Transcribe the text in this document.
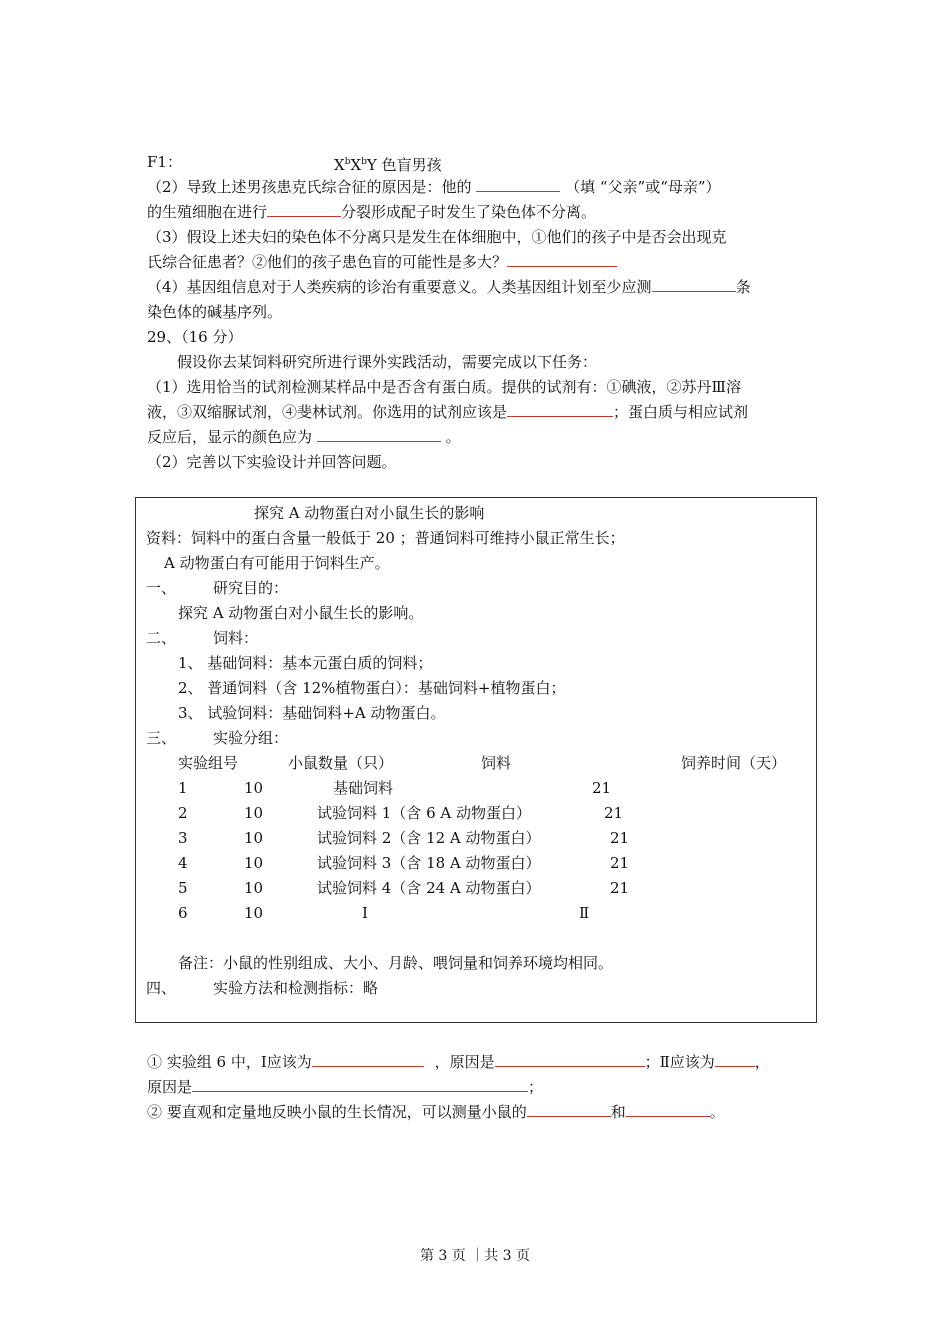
F1：	$X^bX^bY$ 色盲男孩
（2）导致上述男孩患克氏综合征的原因是：他的	（填 “父亲”或“母亲”）
的生殖细胞在进行	分裂形成配子时发生了染色体不分离。
（3）假设上述夫妇的染色体不分离只是发生在体细胞中，①他们的孩子中是否会出现克
氏综合征患者？②他们的孩子患色盲的可能性是多大？
（4）基因组信息对于人类疾病的诊治有重要意义。人类基因组计划至少应测	条
染色体的碱基序列。
29、（16 分）
假设你去某饲料研究所进行课外实践活动，需要完成以下任务：
（1）选用恰当的试剂检测某样品中是否含有蛋白质。提供的试剂有：①碘液，②苏丹Ⅲ溶
液，③双缩脲试剂，④斐林试剂。你选用的试剂应该是	；蛋白质与相应试剂
反应后，显示的颜色应为	。
（2）完善以下实验设计并回答问题。
探究 A 动物蛋白对小鼠生长的影响
资料：饲料中的蛋白含量一般低于 20 ；普通饲料可维持小鼠正常生长；
A 动物蛋白有可能用于饲料生产。
一、 研究目的：
探究 A 动物蛋白对小鼠生长的影响。
二、 饲料：
1、 基础饲料：基本元蛋白质的饲料；
2、 普通饲料（含 12%植物蛋白）：基础饲料+植物蛋白；
3、 试验饲料：基础饲料+A 动物蛋白。
三、 实验分组：
实验组号	小鼠数量（只）	饲料	饲养时间（天）
1	10	基础饲料	21
2	10	试验饲料 1（含 6 A 动物蛋白）	21
3	10	试验饲料 2（含 12 A 动物蛋白）	21
4	10	试验饲料 3（含 18 A 动物蛋白）	21
5	10	试验饲料 4（含 24 A 动物蛋白）	21
6	10	Ⅰ	Ⅱ
备注：小鼠的性别组成、大小、月龄、喂饲量和饲养环境均相同。
四、 实验方法和检测指标：略
① 实验组 6 中，Ⅰ应该为	，原因是	；Ⅱ应该为	，
原因是	；
② 要直观和定量地反映小鼠的生长情况，可以测量小鼠的	和	。
第 3 页 ｜共 3 页
